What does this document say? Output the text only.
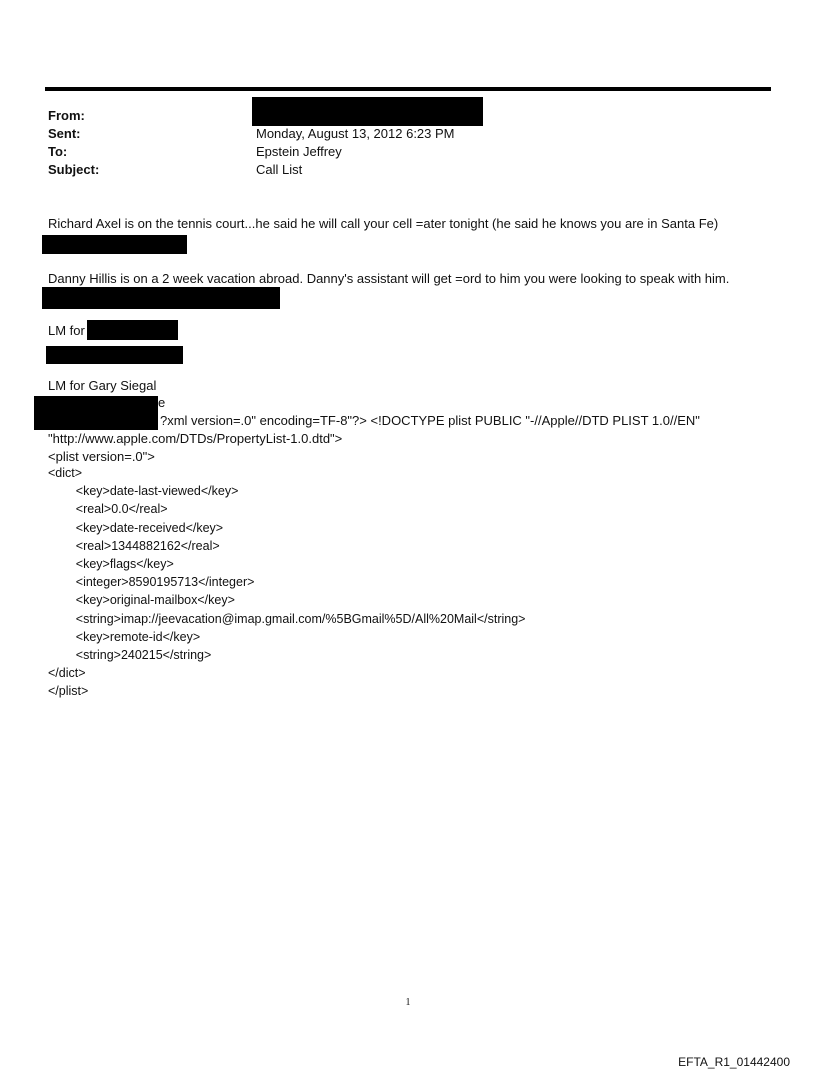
From:
Sent:	Monday, August 13, 2012 6:23 PM
To:	Epstein Jeffrey
Subject:	Call List
Richard Axel is on the tennis court...he said he will call your cell =ater tonight (he said he knows you are in Santa Fe)
Danny Hillis is on a 2 week vacation abroad. Danny's assistant will get =ord to him you were looking to speak with him.
LM for
LM for Gary Siegal
e
?xml version=.0" encoding=TF-8"?> <!DOCTYPE plist PUBLIC "-//Apple//DTD PLIST 1.0//EN"
"http://www.apple.com/DTDs/PropertyList-1.0.dtd">
<plist version=.0">
<dict>
<key>date-last-viewed</key>
<real>0.0</real>
<key>date-received</key>
<real>1344882162</real>
<key>flags</key>
<integer>8590195713</integer>
<key>original-mailbox</key>
<string>imap://jeevacation@imap.gmail.com/%5BGmail%5D/All%20Mail</string>
<key>remote-id</key>
<string>240215</string>
</dict>
</plist>
1
EFTA_R1_01442400
